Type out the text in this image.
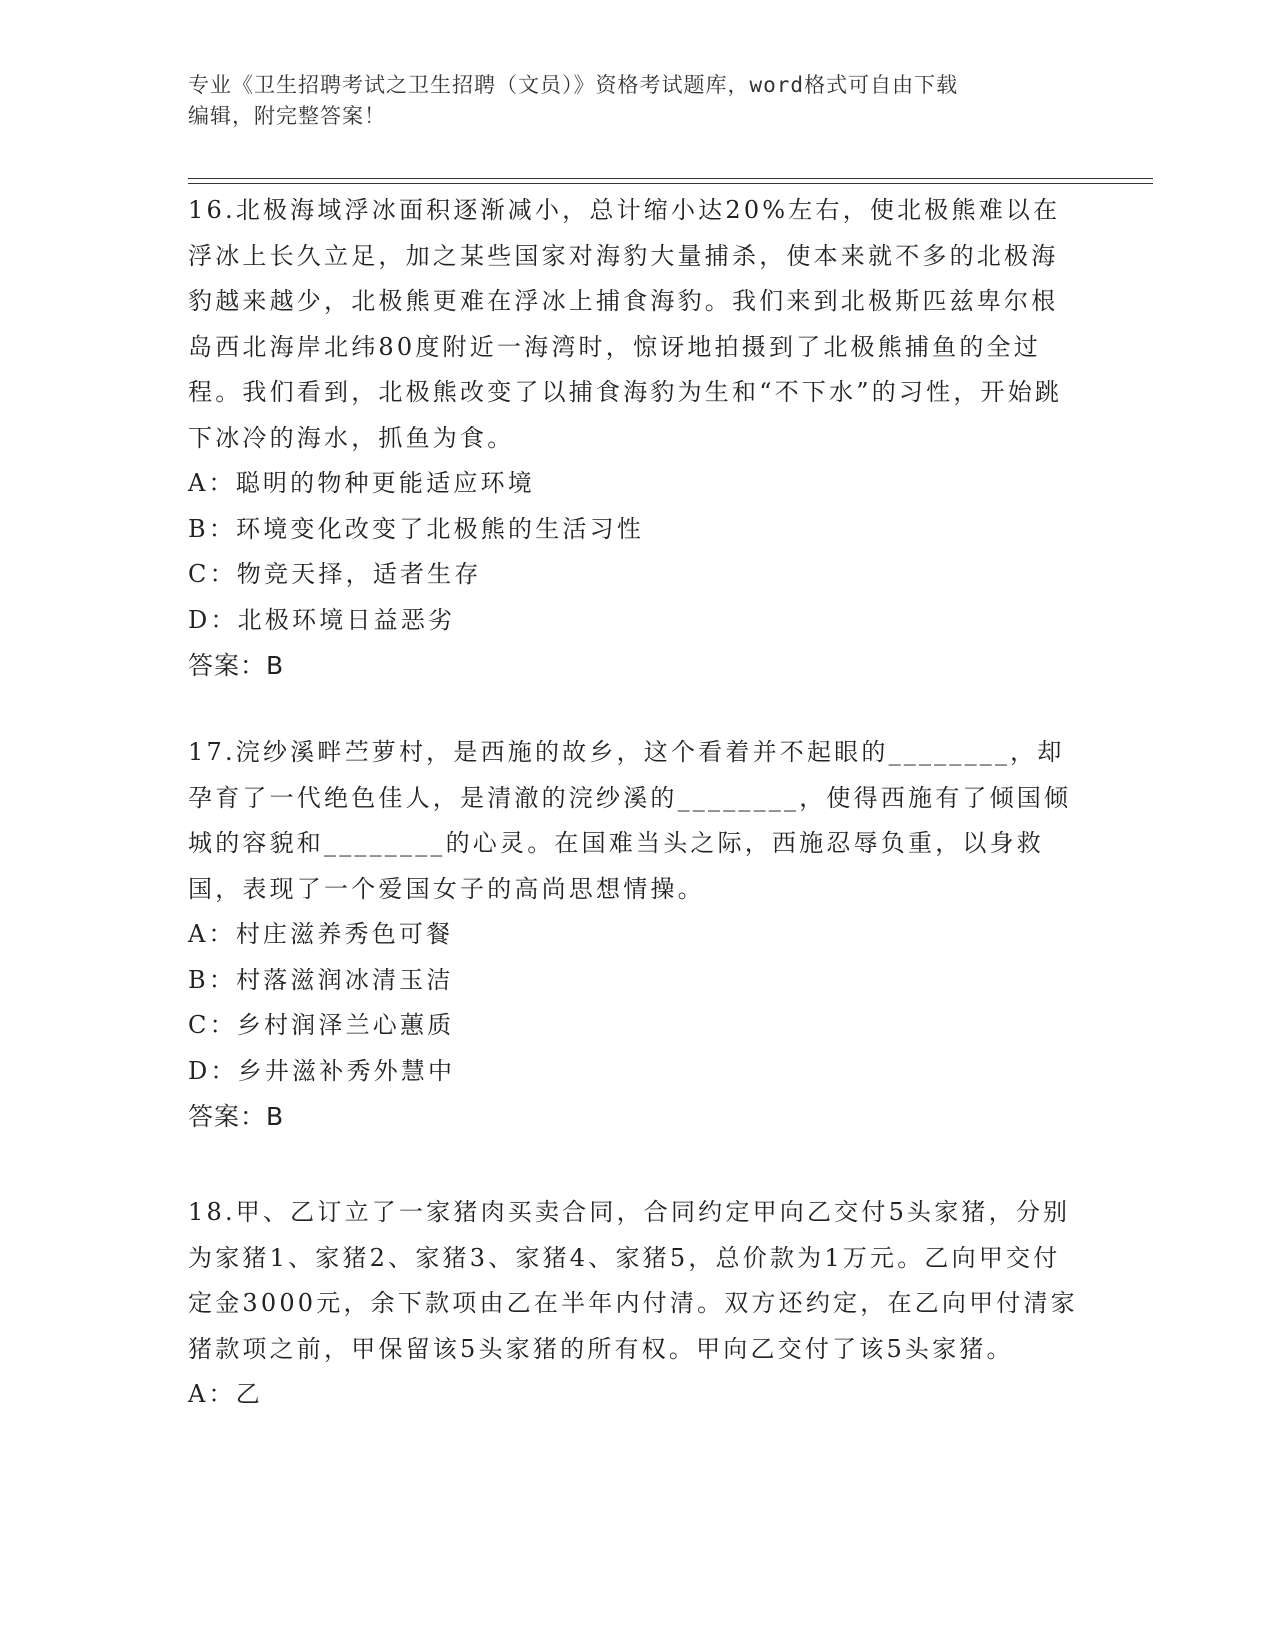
专业《卫生招聘考试之卫生招聘（文员）》资格考试题库，word格式可自由下载
编辑，附完整答案！

16.北极海域浮冰面积逐渐减小，总计缩小达20%左右，使北极熊难以在浮冰上长久立足，加之某些国家对海豹大量捕杀，使本来就不多的北极海豹越来越少，北极熊更难在浮冰上捕食海豹。我们来到北极斯匹兹卑尔根岛西北海岸北纬80度附近一海湾时，惊讶地拍摄到了北极熊捕鱼的全过程。我们看到，北极熊改变了以捕食海豹为生和“不下水”的习性，开始跳下冰冷的海水，抓鱼为食。

A：聪明的物种更能适应环境

B：环境变化改变了北极熊的生活习性

C：物竞天择，适者生存

D：北极环境日益恶劣

答案：B

17.浣纱溪畔苎萝村，是西施的故乡，这个看着并不起眼的________，却孕育了一代绝色佳人，是清澈的浣纱溪的________，使得西施有了倾国倾城的容貌和________的心灵。在国难当头之际，西施忍辱负重，以身救国，表现了一个爱国女子的高尚思想情操。

A：村庄滋养秀色可餐

B：村落滋润冰清玉洁

C：乡村润泽兰心蕙质

D：乡井滋补秀外慧中

答案：B

18.甲、乙订立了一家猪肉买卖合同，合同约定甲向乙交付5头家猪，分别为家猪1、家猪2、家猪3、家猪4、家猪5，总价款为1万元。乙向甲交付定金3000元，余下款项由乙在半年内付清。双方还约定，在乙向甲付清家猪款项之前，甲保留该5头家猪的所有权。甲向乙交付了该5头家猪。

A：乙
